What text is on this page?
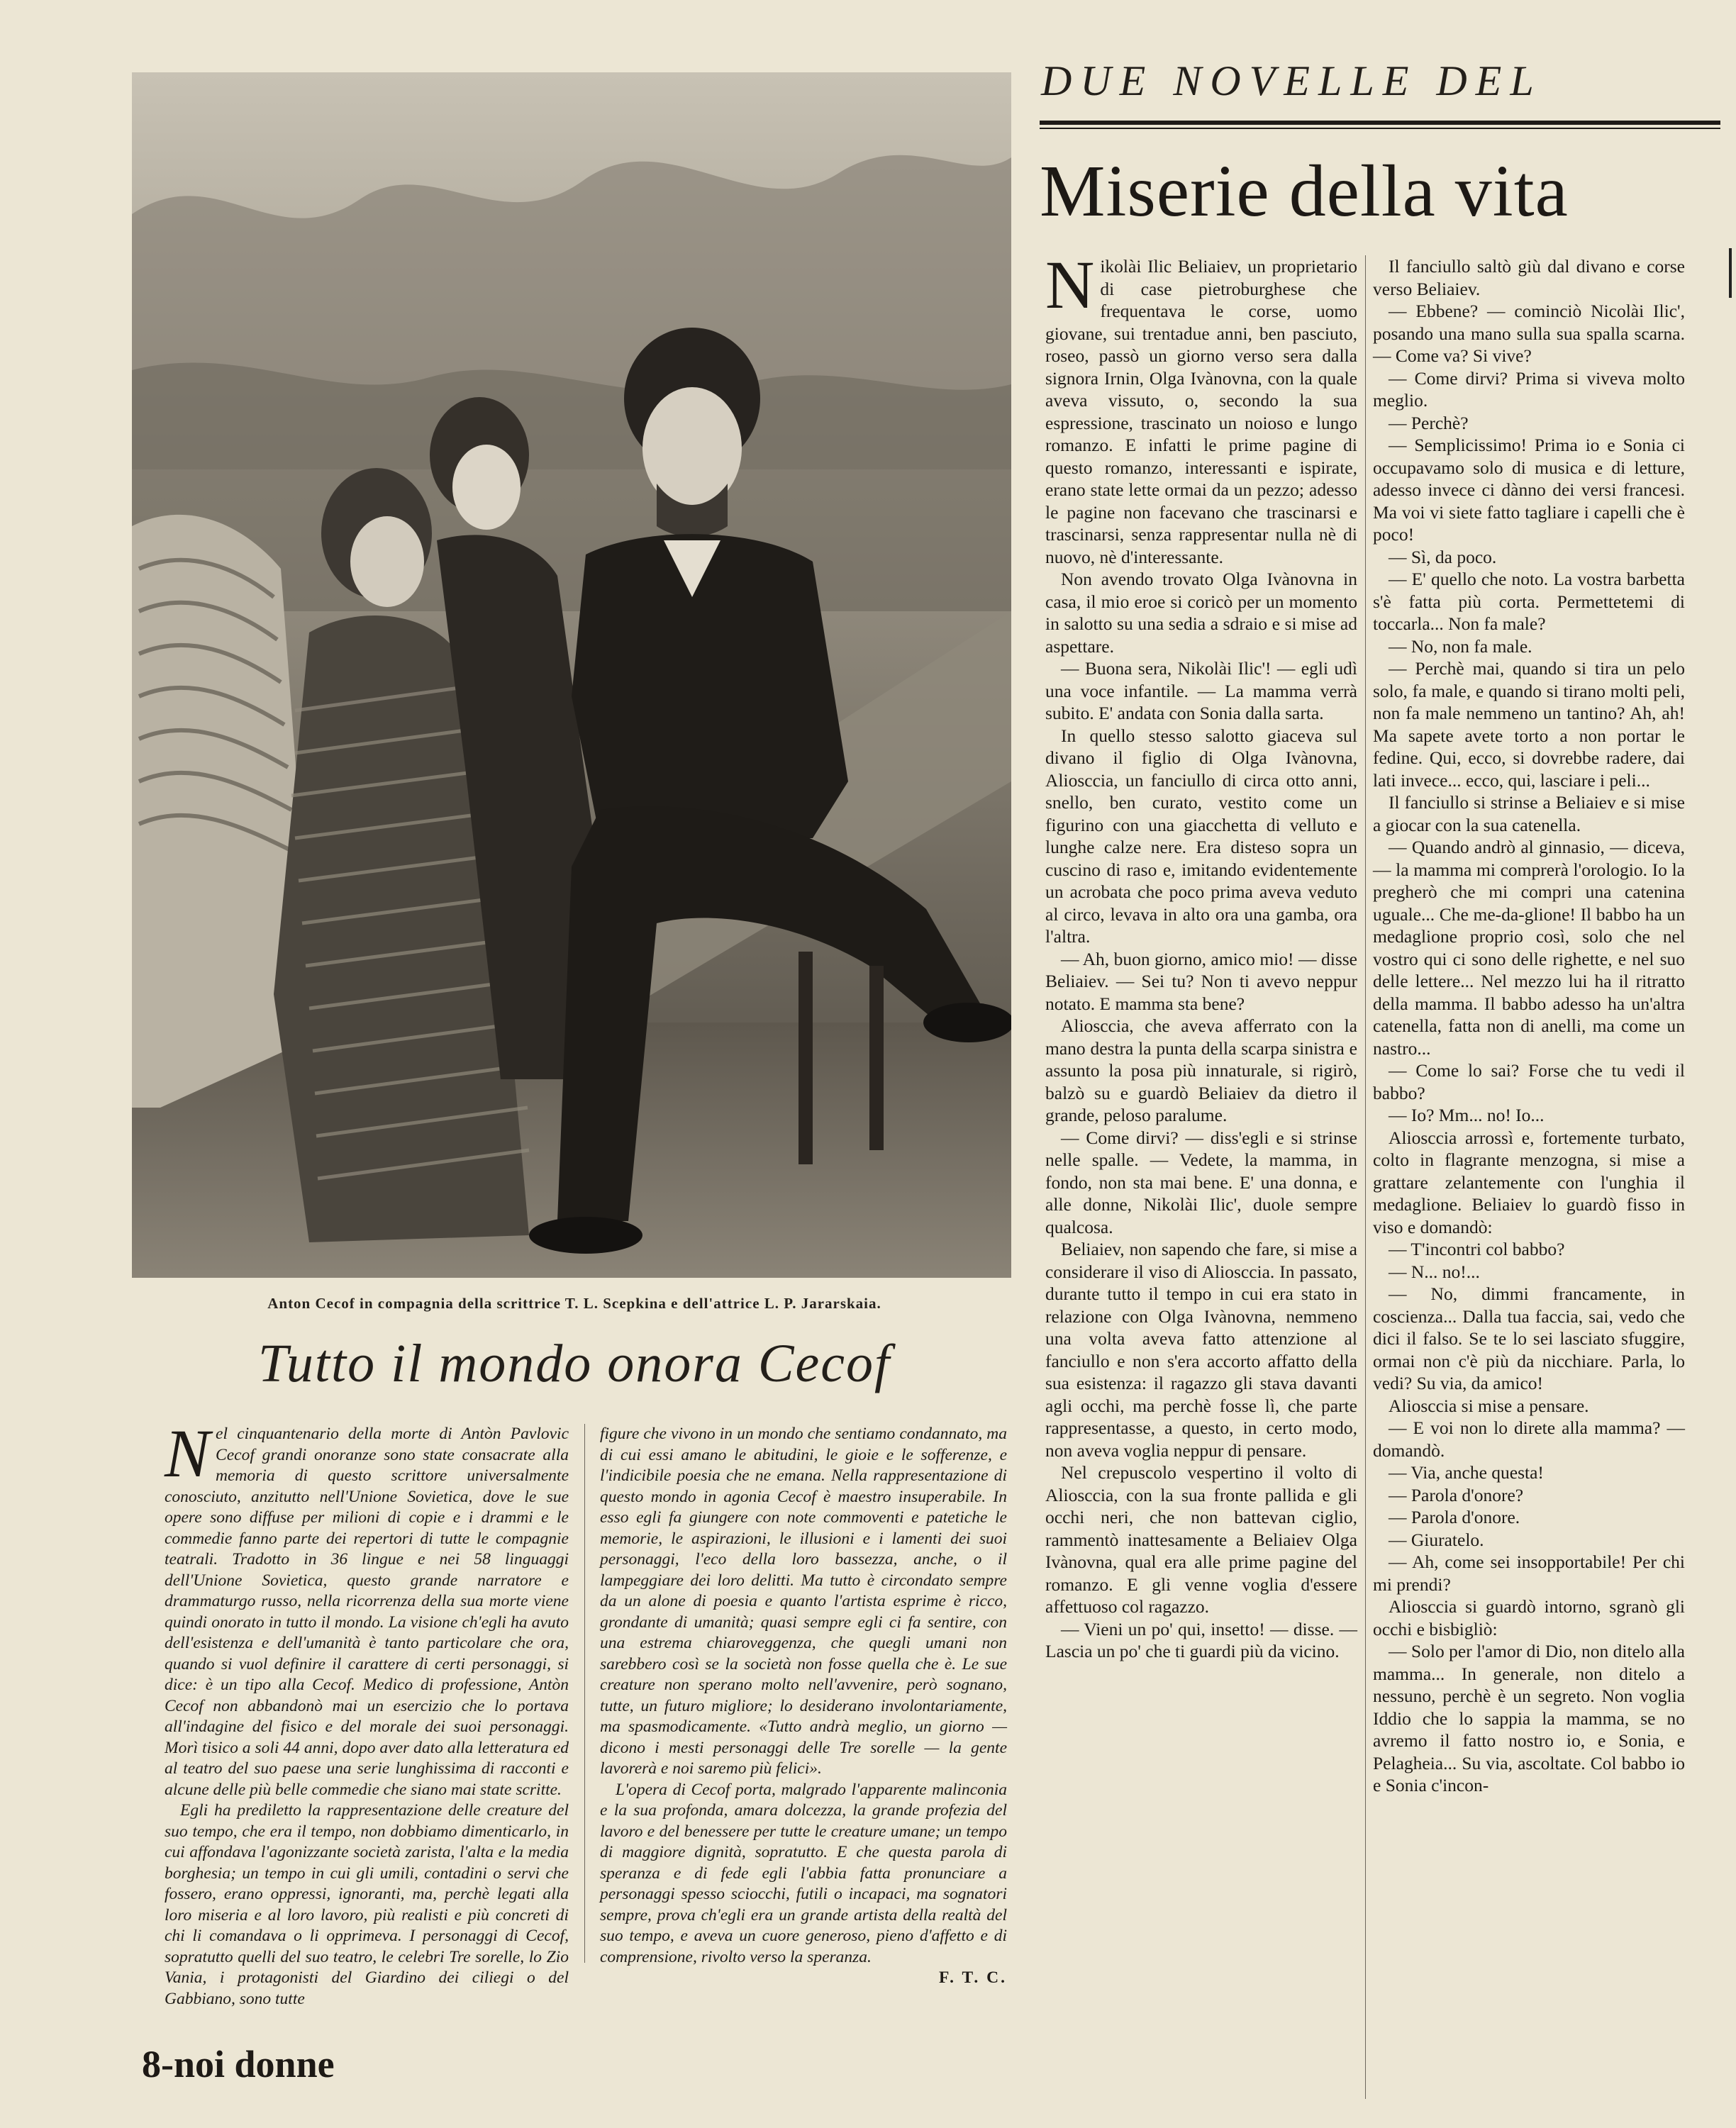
Anton Cecof in compagnia della scrittrice T. L. Scepkina e dell'attrice L. P. Jararskaia.
Tutto il mondo onora Cecof
DUE NOVELLE DEL
Miserie della vita

Nikolài Ilic Beliaiev, un proprietario di case pietroburghese che frequentava le corse, uomo giovane, sui trentadue anni, ben pasciuto, roseo, passò un giorno verso sera dalla signora Irnin, Olga Ivànovna, con la quale aveva vissuto, o, secondo la sua espressione, trascinato un noioso e lungo romanzo. E infatti le prime pagine di questo romanzo, interessanti e ispirate, erano state lette ormai da un pezzo; adesso le pagine non facevano che trascinarsi e trascinarsi, senza rappresentar nulla nè di nuovo, nè d'interessante.

Non avendo trovato Olga Ivànovna in casa, il mio eroe si coricò per un momento in salotto su una sedia a sdraio e si mise ad aspettare.

— Buona sera, Nikolài Ilic'! — egli udì una voce infantile. — La mamma verrà subito. E' andata con Sonia dalla sarta.

In quello stesso salotto giaceva sul divano il figlio di Olga Ivànovna, Aliosccia, un fanciullo di circa otto anni, snello, ben curato, vestito come un figurino con una giacchetta di velluto e lunghe calze nere. Era disteso sopra un cuscino di raso e, imitando evidentemente un acrobata che poco prima aveva veduto al circo, levava in alto ora una gamba, ora l'altra.

— Ah, buon giorno, amico mio! — disse Beliaiev. — Sei tu? Non ti avevo neppur notato. E mamma sta bene?

Aliosccia, che aveva afferrato con la mano destra la punta della scarpa sinistra e assunto la posa più innaturale, si rigirò, balzò su e guardò Beliaiev da dietro il grande, peloso paralume.

— Come dirvi? — diss'egli e si strinse nelle spalle. — Vedete, la mamma, in fondo, non sta mai bene. E' una donna, e alle donne, Nikolài Ilic', duole sempre qualcosa.

Beliaiev, non sapendo che fare, si mise a considerare il viso di Aliosccia. In passato, durante tutto il tempo in cui era stato in relazione con Olga Ivànovna, nemmeno una volta aveva fatto attenzione al fanciullo e non s'era accorto affatto della sua esistenza: il ragazzo gli stava davanti agli occhi, ma perchè fosse lì, che parte rappresentasse, a questo, in certo modo, non aveva voglia neppur di pensare.

Nel crepuscolo vespertino il volto di Aliosccia, con la sua fronte pallida e gli occhi neri, che non battevan ciglio, rammentò inattesamente a Beliaiev Olga Ivànovna, qual era alle prime pagine del romanzo. E gli venne voglia d'essere affettuoso col ragazzo.

— Vieni un po' qui, insetto! — disse. — Lascia un po' che ti guardi più da vicino.

Il fanciullo saltò giù dal divano e corse verso Beliaiev.

— Ebbene? — cominciò Nicolài Ilic', posando una mano sulla sua spalla scarna. — Come va? Si vive?

— Come dirvi? Prima si viveva molto meglio.

— Perchè?

— Semplicissimo! Prima io e Sonia ci occupavamo solo di musica e di letture, adesso invece ci dànno dei versi francesi. Ma voi vi siete fatto tagliare i capelli che è poco!

— Sì, da poco.

— E' quello che noto. La vostra barbetta s'è fatta più corta. Permettetemi di toccarla... Non fa male?

— No, non fa male.

— Perchè mai, quando si tira un pelo solo, fa male, e quando si tirano molti peli, non fa male nemmeno un tantino? Ah, ah! Ma sapete avete torto a non portar le fedine. Qui, ecco, si dovrebbe radere, dai lati invece... ecco, qui, lasciare i peli...

Il fanciullo si strinse a Beliaiev e si mise a giocar con la sua catenella.

— Quando andrò al ginnasio, — diceva, — la mamma mi comprerà l'orologio. Io la pregherò che mi compri una catenina uguale... Che me-da-glione! Il babbo ha un medaglione proprio così, solo che nel vostro qui ci sono delle righette, e nel suo delle lettere... Nel mezzo lui ha il ritratto della mamma. Il babbo adesso ha un'altra catenella, fatta non di anelli, ma come un nastro...

— Come lo sai? Forse che tu vedi il babbo?

— Io? Mm... no! Io...

Aliosccia arrossì e, fortemente turbato, colto in flagrante menzogna, si mise a grattare zelantemente con l'unghia il medaglione. Beliaiev lo guardò fisso in viso e domandò:

— T'incontri col babbo?

— N... no!...

— No, dimmi francamente, in coscienza... Dalla tua faccia, sai, vedo che dici il falso. Se te lo sei lasciato sfuggire, ormai non c'è più da nicchiare. Parla, lo vedi? Su via, da amico!

Aliosccia si mise a pensare.

— E voi non lo direte alla mamma? — domandò.

— Via, anche questa!

— Parola d'onore?

— Parola d'onore.

— Giuratelo.

— Ah, come sei insopportabile! Per chi mi prendi?

Aliosccia si guardò intorno, sgranò gli occhi e bisbigliò:

— Solo per l'amor di Dio, non ditelo alla mamma... In generale, non ditelo a nessuno, perchè è un segreto. Non voglia Iddio che lo sappia la mamma, se no avremo il fatto nostro io, e Sonia, e Pelagheia... Su via, ascoltate. Col babbo io e Sonia c'incon-

Nel cinquantenario della morte di Antòn Pavlovic Cecof grandi onoranze sono state consacrate alla memoria di questo scrittore universalmente conosciuto, anzitutto nell'Unione Sovietica, dove le sue opere sono diffuse per milioni di copie e i drammi e le commedie fanno parte dei repertori di tutte le compagnie teatrali. Tradotto in 36 lingue e nei 58 linguaggi dell'Unione Sovietica, questo grande narratore e drammaturgo russo, nella ricorrenza della sua morte viene quindi onorato in tutto il mondo. La visione ch'egli ha avuto dell'esistenza e dell'umanità è tanto particolare che ora, quando si vuol definire il carattere di certi personaggi, si dice: è un tipo alla Cecof. Medico di professione, Antòn Cecof non abbandonò mai un esercizio che lo portava all'indagine del fisico e del morale dei suoi personaggi. Morì tisico a soli 44 anni, dopo aver dato alla letteratura ed al teatro del suo paese una serie lunghissima di racconti e alcune delle più belle commedie che siano mai state scritte.

Egli ha prediletto la rappresentazione delle creature del suo tempo, che era il tempo, non dobbiamo dimenticarlo, in cui affondava l'agonizzante società zarista, l'alta e la media borghesia; un tempo in cui gli umili, contadini o servi che fossero, erano oppressi, ignoranti, ma, perchè legati alla loro miseria e al loro lavoro, più realisti e più concreti di chi li comandava o li opprimeva. I personaggi di Cecof, sopratutto quelli del suo teatro, le celebri Tre sorelle, lo Zio Vania, i protagonisti del Giardino dei ciliegi o del Gabbiano, sono tutte

figure che vivono in un mondo che sentiamo condannato, ma di cui essi amano le abitudini, le gioie e le sofferenze, e l'indicibile poesia che ne emana. Nella rappresentazione di questo mondo in agonia Cecof è maestro insuperabile. In esso egli fa giungere con note commoventi e patetiche le memorie, le aspirazioni, le illusioni e i lamenti dei suoi personaggi, l'eco della loro bassezza, anche, o il lampeggiare dei loro delitti. Ma tutto è circondato sempre da un alone di poesia e quanto l'artista esprime è ricco, grondante di umanità; quasi sempre egli ci fa sentire, con una estrema chiaroveggenza, che quegli umani non sarebbero così se la società non fosse quella che è. Le sue creature non sperano molto nell'avvenire, però sognano, tutte, un futuro migliore; lo desiderano involontariamente, ma spasmodicamente. «Tutto andrà meglio, un giorno — dicono i mesti personaggi delle Tre sorelle — la gente lavorerà e noi saremo più felici».

L'opera di Cecof porta, malgrado l'apparente malinconia e la sua profonda, amara dolcezza, la grande profezia del lavoro e del benessere per tutte le creature umane; un tempo di maggiore dignità, sopratutto. E che questa parola di speranza e di fede egli l'abbia fatta pronunciare a personaggi spesso sciocchi, futili o incapaci, ma sognatori sempre, prova ch'egli era un grande artista della realtà del suo tempo, e aveva un cuore generoso, pieno d'affetto e di comprensione, rivolto verso la speranza.

F. T. C.

8-noi donne
